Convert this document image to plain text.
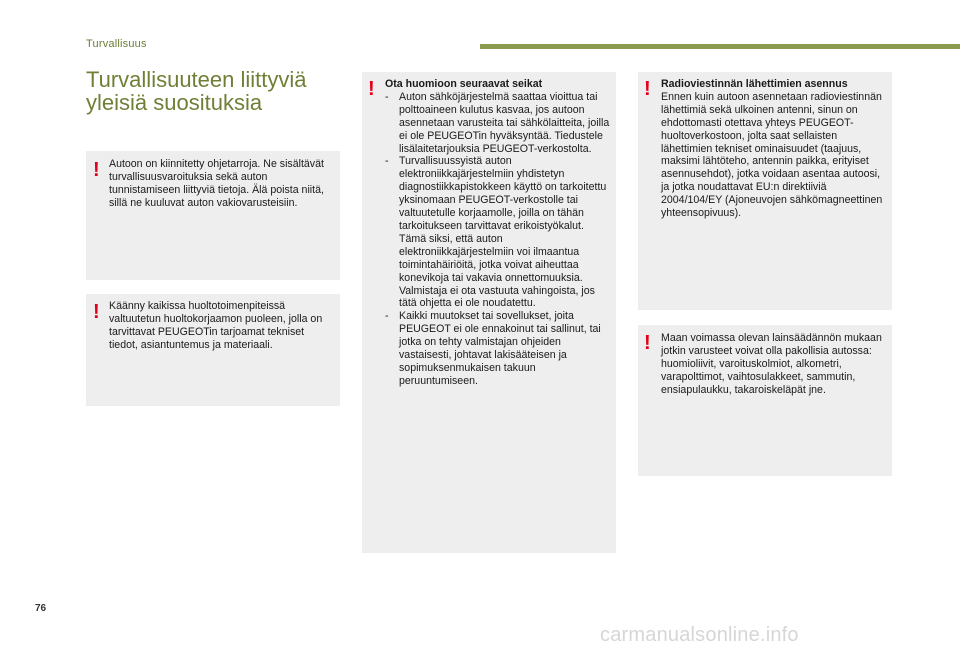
Turvallisuus
Turvallisuuteen liittyviä yleisiä suosituksia
! Autoon on kiinnitetty ohjetarroja. Ne sisältävät turvallisuusvaroituksia sekä auton tunnistamiseen liittyviä tietoja. Älä poista niitä, sillä ne kuuluvat auton vakiovarusteisiin.
! Käänny kaikissa huoltotoimenpiteissä valtuutetun huoltokorjaamon puoleen, jolla on tarvittavat PEUGEOTin tarjoamat tekniset tiedot, asiantuntemus ja materiaali.
! Ota huomioon seuraavat seikat
- Auton sähköjärjestelmä saattaa vioittua tai polttoaineen kulutus kasvaa, jos autoon asennetaan varusteita tai sähkölaitteita, joilla ei ole PEUGEOTin hyväksyntää. Tiedustele lisälaitetarjouksia PEUGEOT-verkostolta.
- Turvallisuussyistä auton elektroniikkajärjestelmiin yhdistetyn diagnostiikkapistokkeen käyttö on tarkoitettu yksinomaan PEUGEOT-verkostolle tai valtuutetulle korjaamolle, joilla on tähän tarkoitukseen tarvittavat erikoistyökalut. Tämä siksi, että auton elektroniikkajärjestelmiin voi ilmaantua toimintahäiriöitä, jotka voivat aiheuttaa konevikoja tai vakavia onnettomuuksia. Valmistaja ei ota vastuuta vahingoista, jos tätä ohjetta ei ole noudatettu.
- Kaikki muutokset tai sovellukset, joita PEUGEOT ei ole ennakoinut tai sallinut, tai jotka on tehty valmistajan ohjeiden vastaisesti, johtavat lakisääteisen ja sopimuksenmukaisen takuun peruuntumiseen.
! Radioviestinnän lähettimien asennus
Ennen kuin autoon asennetaan radioviestinnän lähettimiä sekä ulkoinen antenni, sinun on ehdottomasti otettava yhteys PEUGEOT-huoltoverkostoon, jolta saat sellaisten lähettimien tekniset ominaisuudet (taajuus, maksimi lähtöteho, antennin paikka, erityiset asennusehdot), jotka voidaan asentaa autoosi, ja jotka noudattavat EU:n direktiiviä 2004/104/EY (Ajoneuvojen sähkömagneettinen yhteensopivuus).
! Maan voimassa olevan lainsäädännön mukaan jotkin varusteet voivat olla pakollisia autossa: huomioliivit, varoituskolmiot, alkometri, varapolttimot, vaihtosulakkeet, sammutin, ensiapulaukku, takaroiskeläpät jne.
76
carmanualsonline.info
